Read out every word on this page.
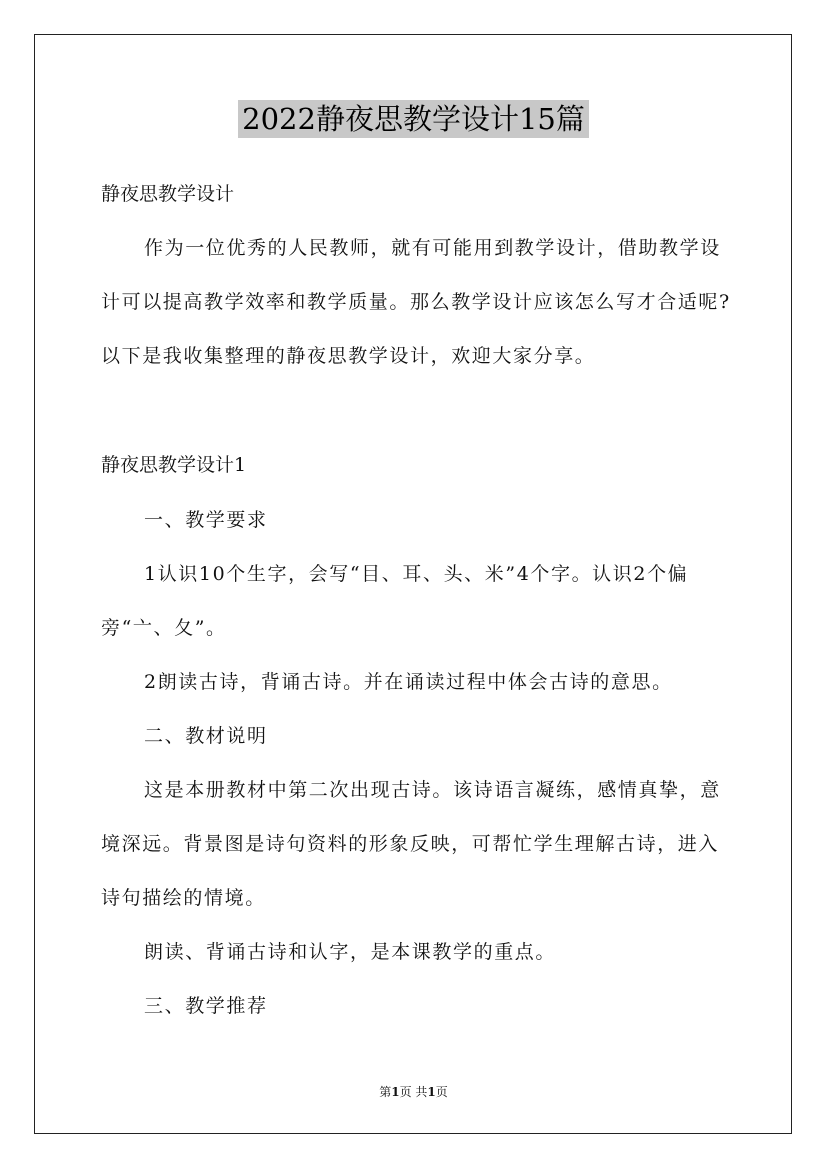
2022静夜思教学设计15篇
静夜思教学设计
作为一位优秀的人民教师，就有可能用到教学设计，借助教学设
计可以提高教学效率和教学质量。那么教学设计应该怎么写才合适呢?
以下是我收集整理的静夜思教学设计，欢迎大家分享。
静夜思教学设计1
一、教学要求
1认识10个生字，会写“目、耳、头、米”4个字。认识2个偏
旁“亠、夂”。
2朗读古诗，背诵古诗。并在诵读过程中体会古诗的意思。
二、教材说明
这是本册教材中第二次出现古诗。该诗语言凝练，感情真挚，意
境深远。背景图是诗句资料的形象反映，可帮忙学生理解古诗，进入
诗句描绘的情境。
朗读、背诵古诗和认字，是本课教学的重点。
三、教学推荐
第1页 共1页
